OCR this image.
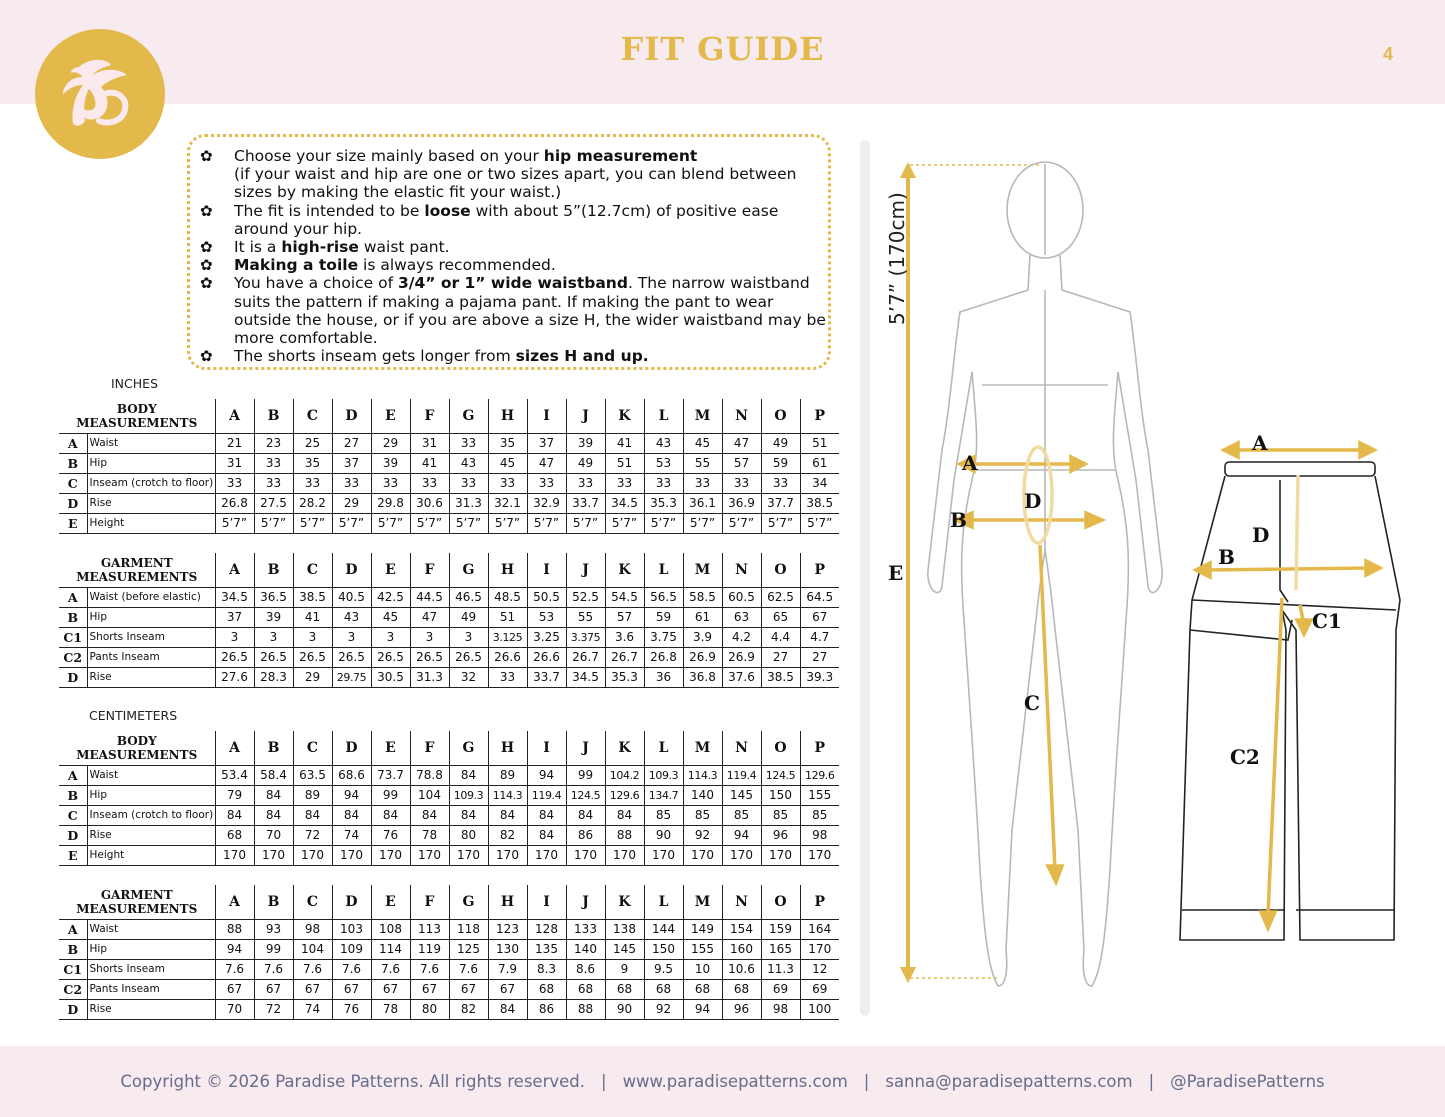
FIT GUIDE	4
✿ Choose your size mainly based on your hip measurement
(if your waist and hip are one or two sizes apart, you can blend between sizes by making the elastic fit your waist.)
✿ The fit is intended to be loose with about 5”(12.7cm) of positive ease around your hip.
✿ It is a high-rise waist pant.
✿ Making a toile is always recommended.
✿ You have a choice of 3/4” or 1” wide waistband. The narrow waistband suits the pattern if making a pajama pant. If making the pant to wear outside the house, or if you are above a size H, the wider waistband may be more comfortable.
✿ The shorts inseam gets longer from sizes H and up.
INCHES
CENTIMETERS
BODY MEASUREMENTS		A	B	C	D	E	F	G	H	I	J	K	L	M	N	O	P
A	Waist	21	23	25	27	29	31	33	35	37	39	41	43	45	47	49	51
B	Hip	31	33	35	37	39	41	43	45	47	49	51	53	55	57	59	61
C	Inseam (crotch to floor)	33	33	33	33	33	33	33	33	33	33	33	33	33	33	33	34
D	Rise	26.8	27.5	28.2	29	29.8	30.6	31.3	32.1	32.9	33.7	34.5	35.3	36.1	36.9	37.7	38.5
E	Height	5’7”	5’7”	5’7”	5’7”	5’7”	5’7”	5’7”	5’7”	5’7”	5’7”	5’7”	5’7”	5’7”	5’7”	5’7”	5’7”
GARMENT MEASUREMENTS		A	B	C	D	E	F	G	H	I	J	K	L	M	N	O	P
A	Waist (before elastic)	34.5	36.5	38.5	40.5	42.5	44.5	46.5	48.5	50.5	52.5	54.5	56.5	58.5	60.5	62.5	64.5
B	Hip	37	39	41	43	45	47	49	51	53	55	57	59	61	63	65	67
C1	Shorts Inseam	3	3	3	3	3	3	3	3.125	3.25	3.375	3.6	3.75	3.9	4.2	4.4	4.7
C2	Pants Inseam	26.5	26.5	26.5	26.5	26.5	26.5	26.5	26.6	26.6	26.7	26.7	26.8	26.9	26.9	27	27
D	Rise	27.6	28.3	29	29.75	30.5	31.3	32	33	33.7	34.5	35.3	36	36.8	37.6	38.5	39.3
BODY MEASUREMENTS		A	B	C	D	E	F	G	H	I	J	K	L	M	N	O	P
A	Waist	53.4	58.4	63.5	68.6	73.7	78.8	84	89	94	99	104.2	109.3	114.3	119.4	124.5	129.6
B	Hip	79	84	89	94	99	104	109.3	114.3	119.4	124.5	129.6	134.7	140	145	150	155
C	Inseam (crotch to floor)	84	84	84	84	84	84	84	84	84	84	84	85	85	85	85	85
D	Rise	68	70	72	74	76	78	80	82	84	86	88	90	92	94	96	98
E	Height	170	170	170	170	170	170	170	170	170	170	170	170	170	170	170	170
GARMENT MEASUREMENTS		A	B	C	D	E	F	G	H	I	J	K	L	M	N	O	P
A	Waist	88	93	98	103	108	113	118	123	128	133	138	144	149	154	159	164
B	Hip	94	99	104	109	114	119	125	130	135	140	145	150	155	160	165	170
C1	Shorts Inseam	7.6	7.6	7.6	7.6	7.6	7.6	7.6	7.9	8.3	8.6	9	9.5	10	10.6	11.3	12
C2	Pants Inseam	67	67	67	67	67	67	67	67	68	68	68	68	68	68	69	69
D	Rise	70	72	74	76	78	80	82	84	86	88	90	92	94	96	98	100
E
A
B
D
C
A
B
D
C1
C2
5’7” (170cm)
Copyright © 2026 Paradise Patterns. All rights reserved. | www.paradisepatterns.com | sanna@paradisepatterns.com | @ParadisePatterns
